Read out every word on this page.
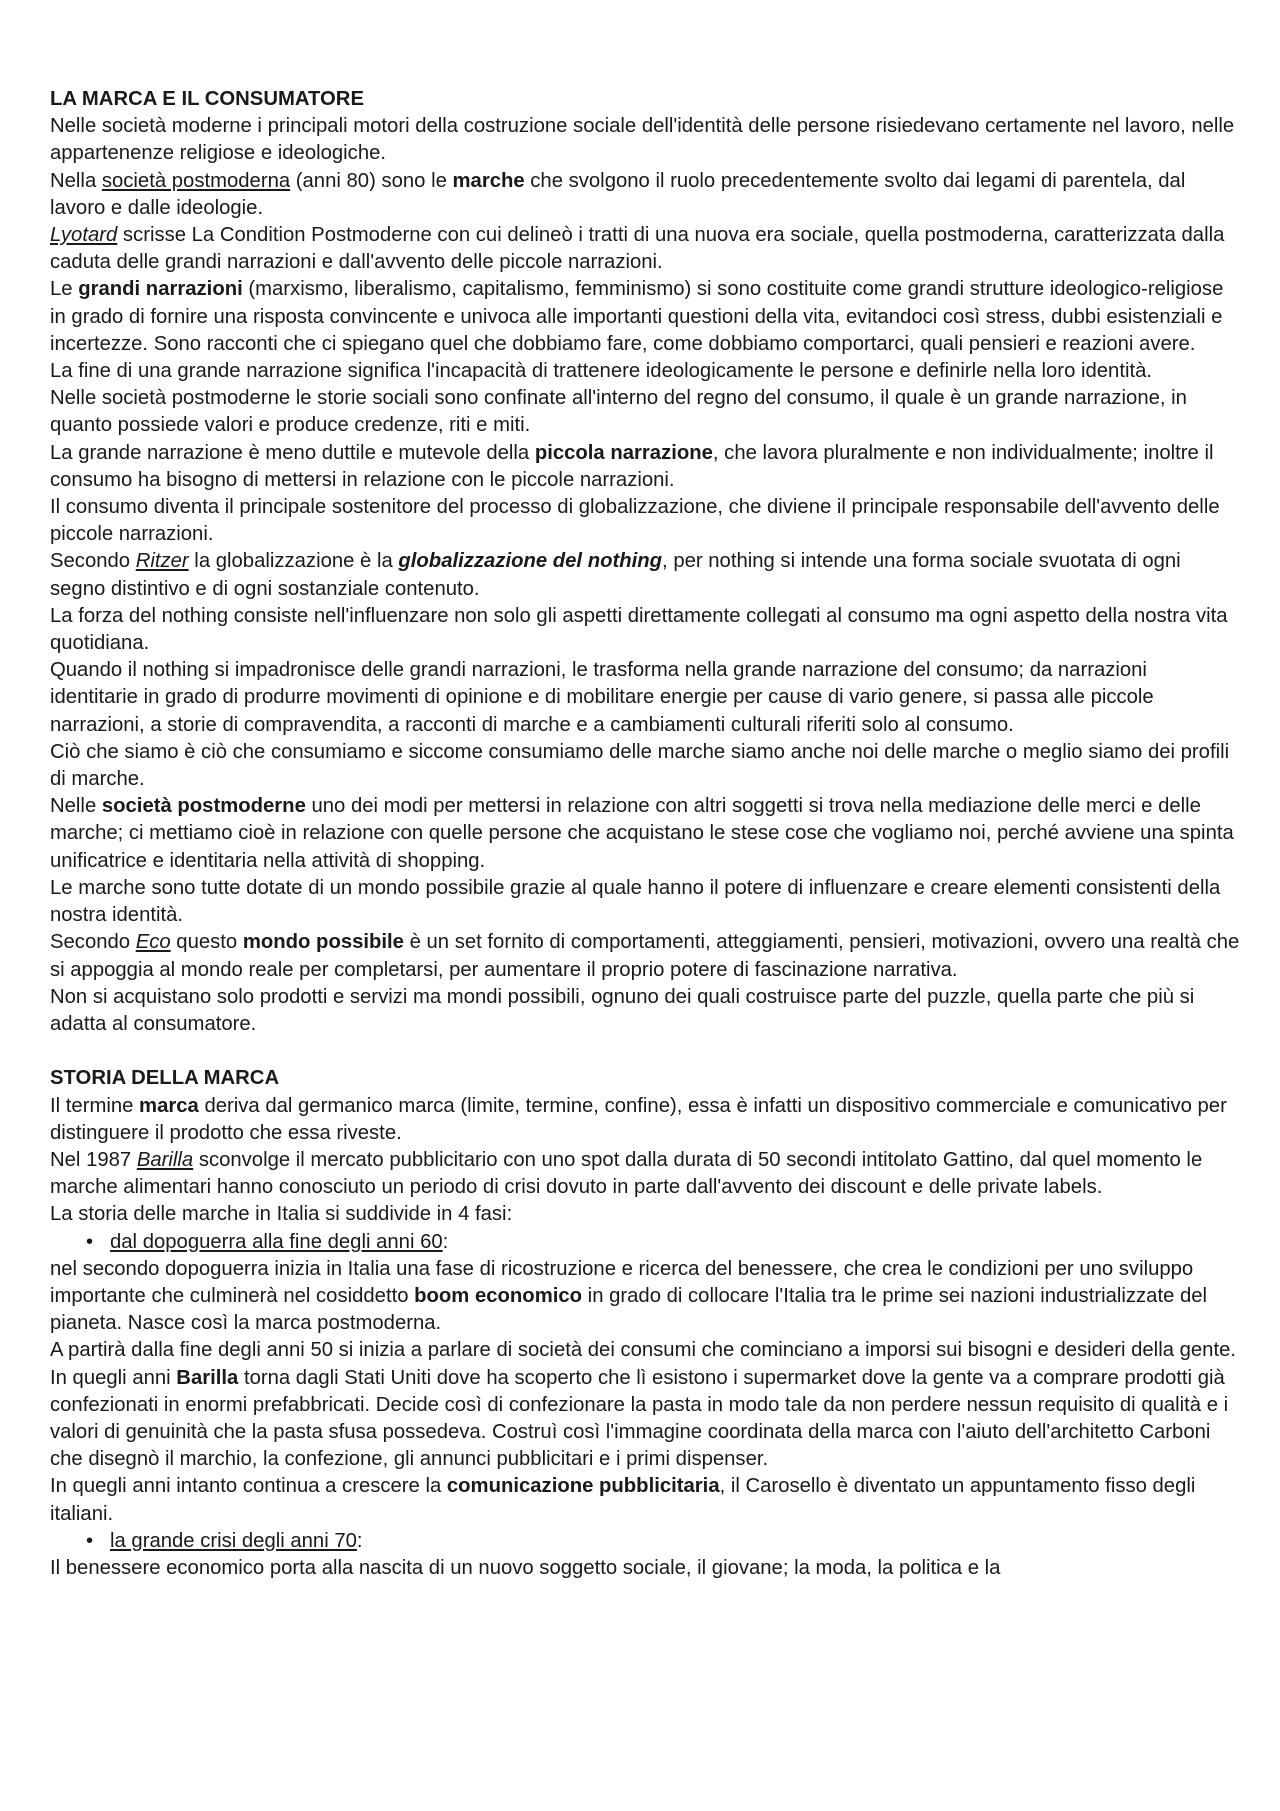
LA MARCA E IL CONSUMATORE

Nelle società moderne i principali motori della costruzione sociale dell'identità delle persone risiedevano certamente nel lavoro, nelle appartenenze religiose e ideologiche.

Nella società postmoderna (anni 80) sono le marche che svolgono il ruolo precedentemente svolto dai legami di parentela, dal lavoro e dalle ideologie.

Lyotard scrisse La Condition Postmoderne con cui delineò i tratti di una nuova era sociale, quella postmoderna, caratterizzata dalla caduta delle grandi narrazioni e dall'avvento delle piccole narrazioni.

Le grandi narrazioni (marxismo, liberalismo, capitalismo, femminismo) si sono costituite come grandi strutture ideologico-religiose in grado di fornire una risposta convincente e univoca alle importanti questioni della vita, evitandoci così stress, dubbi esistenziali e incertezze. Sono racconti che ci spiegano quel che dobbiamo fare, come dobbiamo comportarci, quali pensieri e reazioni avere.

La fine di una grande narrazione significa l'incapacità di trattenere ideologicamente le persone e definirle nella loro identità.

Nelle società postmoderne le storie sociali sono confinate all'interno del regno del consumo, il quale è un grande narrazione, in quanto possiede valori e produce credenze, riti e miti.

La grande narrazione è meno duttile e mutevole della piccola narrazione, che lavora pluralmente e non individualmente; inoltre il consumo ha bisogno di mettersi in relazione con le piccole narrazioni.

Il consumo diventa il principale sostenitore del processo di globalizzazione, che diviene il principale responsabile dell'avvento delle piccole narrazioni.

Secondo Ritzer la globalizzazione è la globalizzazione del nothing, per nothing si intende una forma sociale svuotata di ogni segno distintivo e di ogni sostanziale contenuto.

La forza del nothing consiste nell'influenzare non solo gli aspetti direttamente collegati al consumo ma ogni aspetto della nostra vita quotidiana.

Quando il nothing si impadronisce delle grandi narrazioni, le trasforma nella grande narrazione del consumo; da narrazioni identitarie in grado di produrre movimenti di opinione e di mobilitare energie per cause di vario genere, si passa alle piccole narrazioni, a storie di compravendita, a racconti di marche e a cambiamenti culturali riferiti solo al consumo.

Ciò che siamo è ciò che consumiamo e siccome consumiamo delle marche siamo anche noi delle marche o meglio siamo dei profili di marche.

Nelle società postmoderne uno dei modi per mettersi in relazione con altri soggetti si trova nella mediazione delle merci e delle marche; ci mettiamo cioè in relazione con quelle persone che acquistano le stese cose che vogliamo noi, perché avviene una spinta unificatrice e identitaria nella attività di shopping.

Le marche sono tutte dotate di un mondo possibile grazie al quale hanno il potere di influenzare e creare elementi consistenti della nostra identità.

Secondo Eco questo mondo possibile è un set fornito di comportamenti, atteggiamenti, pensieri, motivazioni, ovvero una realtà che si appoggia al mondo reale per completarsi, per aumentare il proprio potere di fascinazione narrativa.

Non si acquistano solo prodotti e servizi ma mondi possibili, ognuno dei quali costruisce parte del puzzle, quella parte che più si adatta al consumatore.

STORIA DELLA MARCA

Il termine marca deriva dal germanico marca (limite, termine, confine), essa è infatti un dispositivo commerciale e comunicativo per distinguere il prodotto che essa riveste.

Nel 1987 Barilla sconvolge il mercato pubblicitario con uno spot dalla durata di 50 secondi intitolato Gattino, dal quel momento le marche alimentari hanno conosciuto un periodo di crisi dovuto in parte dall'avvento dei discount e delle private labels.

La storia delle marche in Italia si suddivide in 4 fasi:

• dal dopoguerra alla fine degli anni 60:

nel secondo dopoguerra inizia in Italia una fase di ricostruzione e ricerca del benessere, che crea le condizioni per uno sviluppo importante che culminerà nel cosiddetto boom economico in grado di collocare l'Italia tra le prime sei nazioni industrializzate del pianeta. Nasce così la marca postmoderna.

A partirà dalla fine degli anni 50 si inizia a parlare di società dei consumi che cominciano a imporsi sui bisogni e desideri della gente. In quegli anni Barilla torna dagli Stati Uniti dove ha scoperto che lì esistono i supermarket dove la gente va a comprare prodotti già confezionati in enormi prefabbricati. Decide così di confezionare la pasta in modo tale da non perdere nessun requisito di qualità e i valori di genuinità che la pasta sfusa possedeva. Costruì così l'immagine coordinata della marca con l'aiuto dell'architetto Carboni che disegnò il marchio, la confezione, gli annunci pubblicitari e i primi dispenser.

In quegli anni intanto continua a crescere la comunicazione pubblicitaria, il Carosello è diventato un appuntamento fisso degli italiani.

• la grande crisi degli anni 70:

Il benessere economico porta alla nascita di un nuovo soggetto sociale, il giovane; la moda, la politica e la
